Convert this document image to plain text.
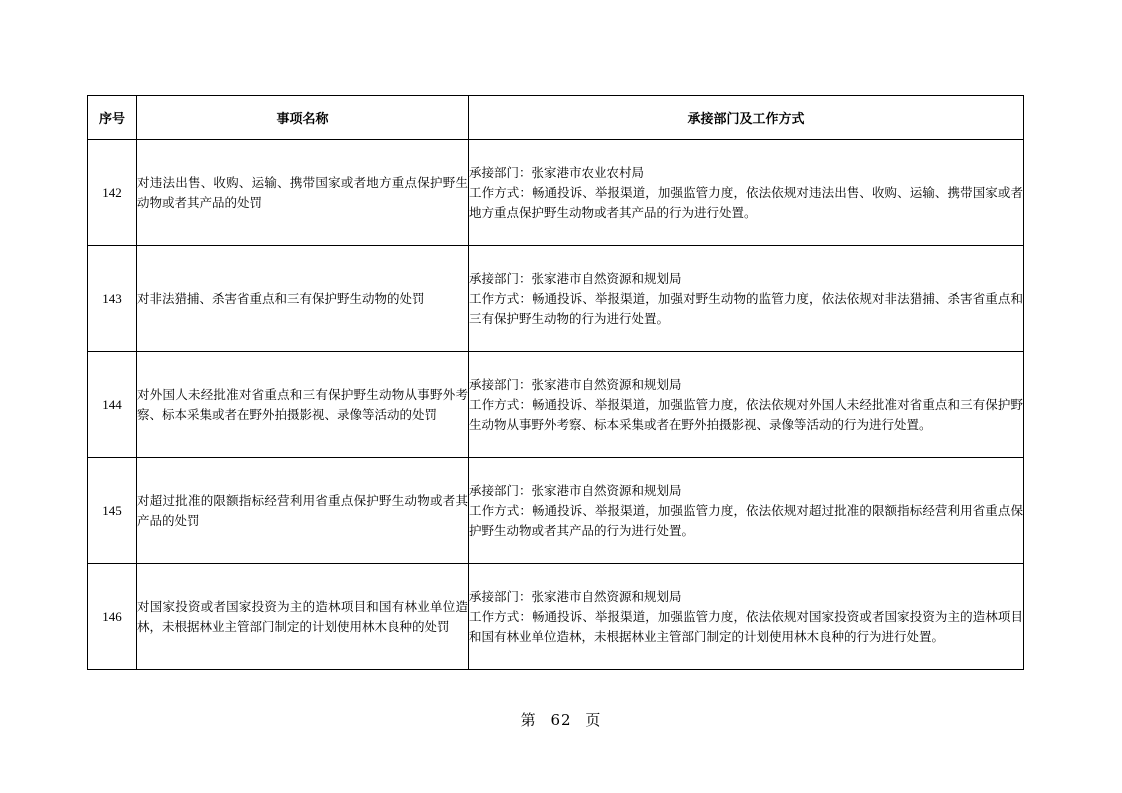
序号	事项名称	承接部门及工作方式
142	对违法出售、收购、运输、携带国家或者地方重点保护野生动物或者其产品的处罚	承接部门：张家港市农业农村局
工作方式：畅通投诉、举报渠道，加强监管力度，依法依规对违法出售、收购、运输、携带国家或者地方重点保护野生动物或者其产品的行为进行处置。

143	对非法猎捕、杀害省重点和三有保护野生动物的处罚	承接部门：张家港市自然资源和规划局
工作方式：畅通投诉、举报渠道，加强对野生动物的监管力度，依法依规对非法猎捕、杀害省重点和三有保护野生动物的行为进行处置。

144	对外国人未经批准对省重点和三有保护野生动物从事野外考察、标本采集或者在野外拍摄影视、录像等活动的处罚	承接部门：张家港市自然资源和规划局
工作方式：畅通投诉、举报渠道，加强监管力度，依法依规对外国人未经批准对省重点和三有保护野生动物从事野外考察、标本采集或者在野外拍摄影视、录像等活动的行为进行处置。

145	对超过批准的限额指标经营利用省重点保护野生动物或者其产品的处罚	承接部门：张家港市自然资源和规划局
工作方式：畅通投诉、举报渠道，加强监管力度，依法依规对超过批准的限额指标经营利用省重点保护野生动物或者其产品的行为进行处置。

146	对国家投资或者国家投资为主的造林项目和国有林业单位造林，未根据林业主管部门制定的计划使用林木良种的处罚	承接部门：张家港市自然资源和规划局
工作方式：畅通投诉、举报渠道，加强监管力度，依法依规对国家投资或者国家投资为主的造林项目和国有林业单位造林，未根据林业主管部门制定的计划使用林木良种的行为进行处置。
第 62 页
